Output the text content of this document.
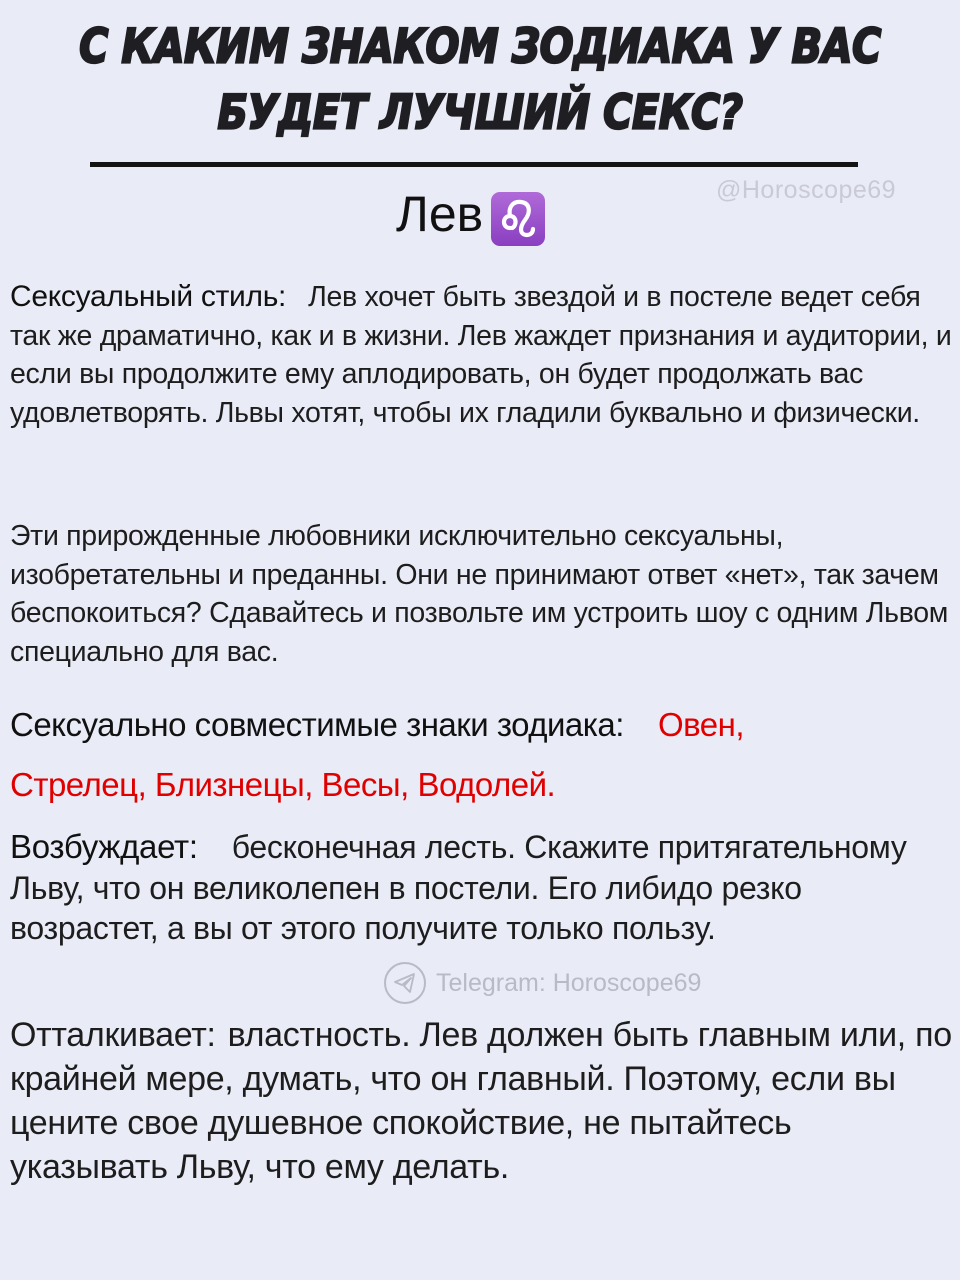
С КАКИМ ЗНАКОМ ЗОДИАКА У ВАС
БУДЕТ ЛУЧШИЙ СЕКС?
Лев	@Horoscope69
Сексуальный стиль: Лев хочет быть звездой и в постеле ведет себя так же драматично, как и в жизни. Лев жаждет признания и аудитории, и если вы продолжите ему аплодировать, он будет продолжать вас удовлетворять. Львы хотят, чтобы их гладили буквально и физически.
Эти прирожденные любовники исключительно сексуальны, изобретательны и преданны. Они не принимают ответ «нет», так зачем беспокоиться? Сдавайтесь и позвольте им устроить шоу с одним Львом специально для вас.
Сексуально совместимые знаки зодиака: Овен,
Стрелец, Близнецы, Весы, Водолей.
Возбуждает: бесконечная лесть. Скажите притягательному Льву, что он великолепен в постели. Его либидо резко возрастет, а вы от этого получите только пользу.
Telegram: Horoscope69
Отталкивает: властность. Лев должен быть главным или, по крайней мере, думать, что он главный. Поэтому, если вы цените свое душевное спокойствие, не пытайтесь указывать Льву, что ему делать.
